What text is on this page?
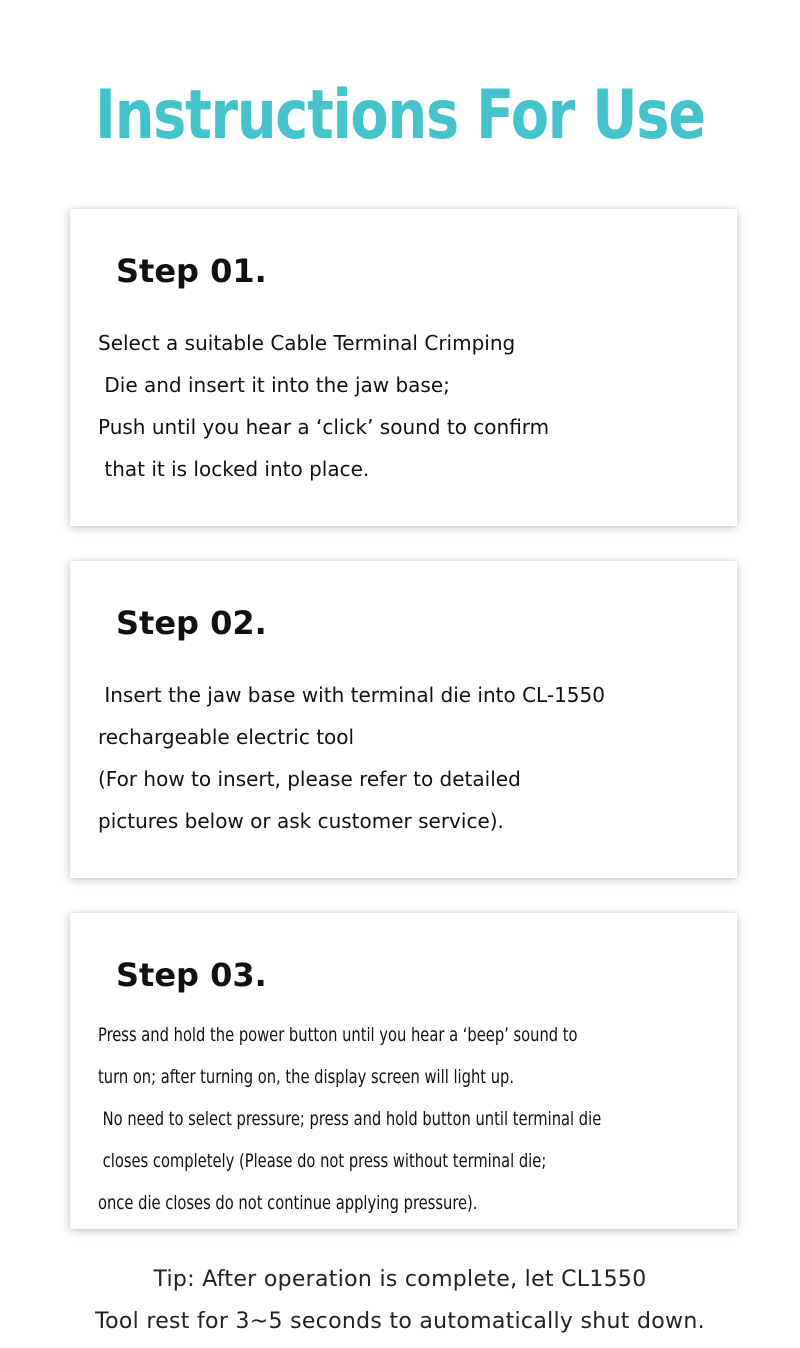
Instructions For Use
Step 01.
Select a suitable Cable Terminal Crimping
Die and insert it into the jaw base;
Push until you hear a ‘click’ sound to confirm
that it is locked into place.
Step 02.
Insert the jaw base with terminal die into CL-1550
rechargeable electric tool
(For how to insert, please refer to detailed
pictures below or ask customer service).
Step 03.
Press and hold the power button until you hear a ‘beep’ sound to
turn on; after turning on, the display screen will light up.
No need to select pressure; press and hold button until terminal die
closes completely (Please do not press without terminal die;
once die closes do not continue applying pressure).
Tip: After operation is complete, let CL1550
Tool rest for 3~5 seconds to automatically shut down.
